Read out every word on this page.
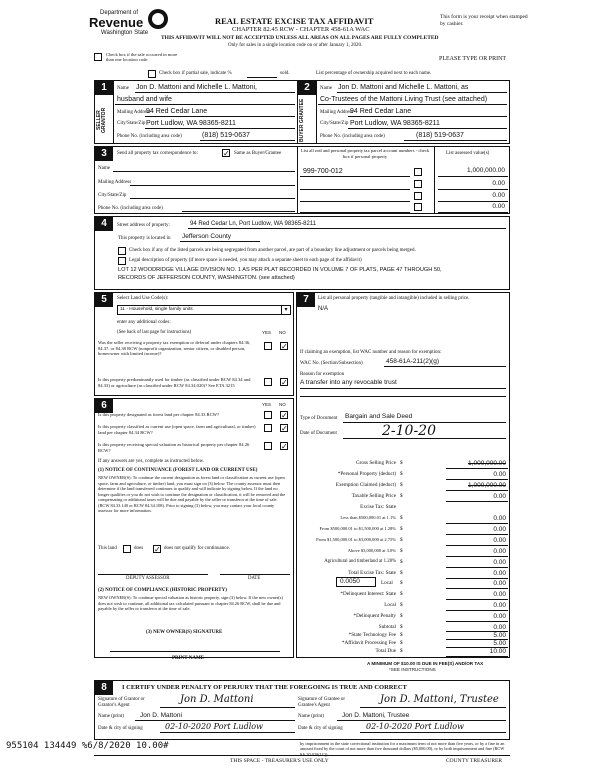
Department of
Revenue
Washington State
REAL ESTATE EXCISE TAX AFFIDAVIT
CHAPTER 82.45 RCW - CHAPTER 458-61A WAC
THIS AFFIDAVIT WILL NOT BE ACCEPTED UNLESS ALL AREAS ON ALL PAGES ARE FULLY COMPLETED
Only for sales in a single location code on or after January 1, 2020.
This form is your receipt when stamped by cashier.
PLEASE TYPE OR PRINT
Check box if the sale occurred in more than one location code.
Check box if partial sale, indicate %	sold.	List percentage of ownership acquired next to each name.
1
SELLER GRANTOR
2
BUYER GRANTEE
Name Jon D. Mattoni and Michelle L. Mattoni,
husband and wife
Mailing Address
94 Red Cedar Lane
City/State/Zip Port Ludlow, WA 98365-8211
Phone No. (including area code)	(818) 519-0637
Name Jon D. Mattoni and Michelle L. Mattoni, as
Co-Trustees of the Mattoni Living Trust (see attached)
Mailing Address
94 Red Cedar Lane
City/State/Zip Port Ludlow, WA 98365-8211
Phone No. (including area code)	(818) 519-0637
3	Send all property tax correspondence to:	✓ Same as Buyer/Grantee
Name
Mailing Address
City/State/Zip
Phone No. (including area code)
List all real and personal property tax parcel account numbers - check box if personal property
List assessed value(s)
999-700-012	1,000,000.00
0.00
0.00
0.00
4	Street address of property:	94 Red Cedar Ln, Port Ludlow, WA 98365-8211
This property is located in Jefferson County
Check box if any of the listed parcels are being segregated from another parcel, are part of a boundary line adjustment or parcels being merged.
Legal description of property (if more space is needed, you may attach a separate sheet to each page of the affidavit)
LOT 12 WOODRIDGE VILLAGE DIVISION NO. 1 AS PER PLAT RECORDED IN VOLUME 7 OF PLATS, PAGE 47 THROUGH 50,
RECORDS OF JEFFERSON COUNTY, WASHINGTON. (see attached)
5	Select Land Use Code(s):
11 - Household, single family units	▾
enter any additional codes:
(See back of last page for instructions)	YES NO
Was the seller receiving a property tax exemption or deferral under chapters 84.36, 84.37, or 84.38 RCW (nonprofit organization, senior citizen, or disabled person, homeowner with limited income)?
✓
Is this property predominantly used for timber (as classified under RCW 84.34 and 84.33) or agriculture (as classified under RCW 84.34.020)? See ETA 3215	✓
6	YES NO
Is this property designated as forest land per chapter 84.33 RCW?	✓
Is this property classified as current use (open space, farm and agricultural, or timber) land per chapter 84.34 RCW?	✓
Is this property receiving special valuation as historical property per chapter 84.26 RCW?	✓
If any answers are yes, complete as instructed below.
(1) NOTICE OF CONTINUANCE (FOREST LAND OR CURRENT USE)
NEW OWNER(S): To continue the current designation as forest land or classification as current use (open space, farm and agriculture, or timber) land, you must sign on (3) below. The county assessor must then determine if the land transferred continues to qualify and will indicate by signing below. If the land no longer qualifies or you do not wish to continue the designation or classification, it will be removed and the compensating or additional taxes will be due and payable by the seller or transferor at the time of sale. (RCW 84.33.140 or RCW 84.34.108). Prior to signing (3) below, you may contact your local county assessor for more information.
This land	does ✓ does not qualify for continuance.
DEPUTY ASSESSOR	DATE
(2) NOTICE OF COMPLIANCE (HISTORIC PROPERTY)
NEW OWNER(S): To continue special valuation as historic property, sign (3) below. If the new owner(s) does not wish to continue, all additional tax calculated pursuant to chapter 84.26 RCW, shall be due and payable by the seller or transferor at the time of sale.
(3) NEW OWNER(S) SIGNATURE
PRINT NAME
7	List all personal property (tangible and intangible) included in selling price.
N/A
If claiming an exemption, list WAC number and reason for exemption:
WAC No. (Section/Subsection)	458-61A-211(2)(g)
Reason for exemption
A transfer into any revocable trust
Type of Document Bargain and Sale Deed
Date of Document	2-10-20
Gross Selling Price	1,000,000.00
*Personal Property (deduct)	0.00
Exemption Claimed (deduct)	1,000,000.00
Taxable Selling Price	0.00
Excise Tax: State
Less than $500,000.01 at 1.1%	0.00
From $500,000.01 to $1,500,000 at 1.28%	0.00
From $1,500,000.01 to $3,000,000 at 2.75%	0.00
Above $3,000,000 at 3.0%	0.00
Agricultural and timberland at 1.28%	0.00
Total Excise Tax: State	0.00
0.0050	Local	0.00
*Delinquent Interest: State	0.00
Local	0.00
*Delinquent Penalty	0.00
Subtotal	0.00
*State Technology Fee	5.00
*Affidavit Processing Fee	5.00
Total Due	10.00
A MINIMUM OF $10.00 IS DUE IN FEE(S) AND/OR TAX
*SEE INSTRUCTIONS
$
$
$
$
$
$
$
$
$
$
$
$
$
$
$
$
$
$
8	I CERTIFY UNDER PENALTY OF PERJURY THAT THE FOREGOING IS TRUE AND CORRECT
Signature of Grantor or Grantor's Agent	Jon D. Mattoni	Signature of Grantee or Grantee's Agent	Jon D. Mattoni, Trustee
Name (print) Jon D. Mattoni	Name (print)	Jon D. Mattoni, Trustee
Date & city of signing	02-10-2020 Port Ludlow	Date & city of signing	02-10-2020 Port Ludlow
955104 134449 %6/8/2020 10.00#	by imprisonment in the state correctional institution for a maximum term of not more than five years, or by a fine in an amount fixed by the court of not more than five thousand dollars ($5,000.00), or by both imprisonment and fine (RCW 9A.20.020(1C)).
THIS SPACE - TREASURER'S USE ONLY	COUNTY TREASURER
